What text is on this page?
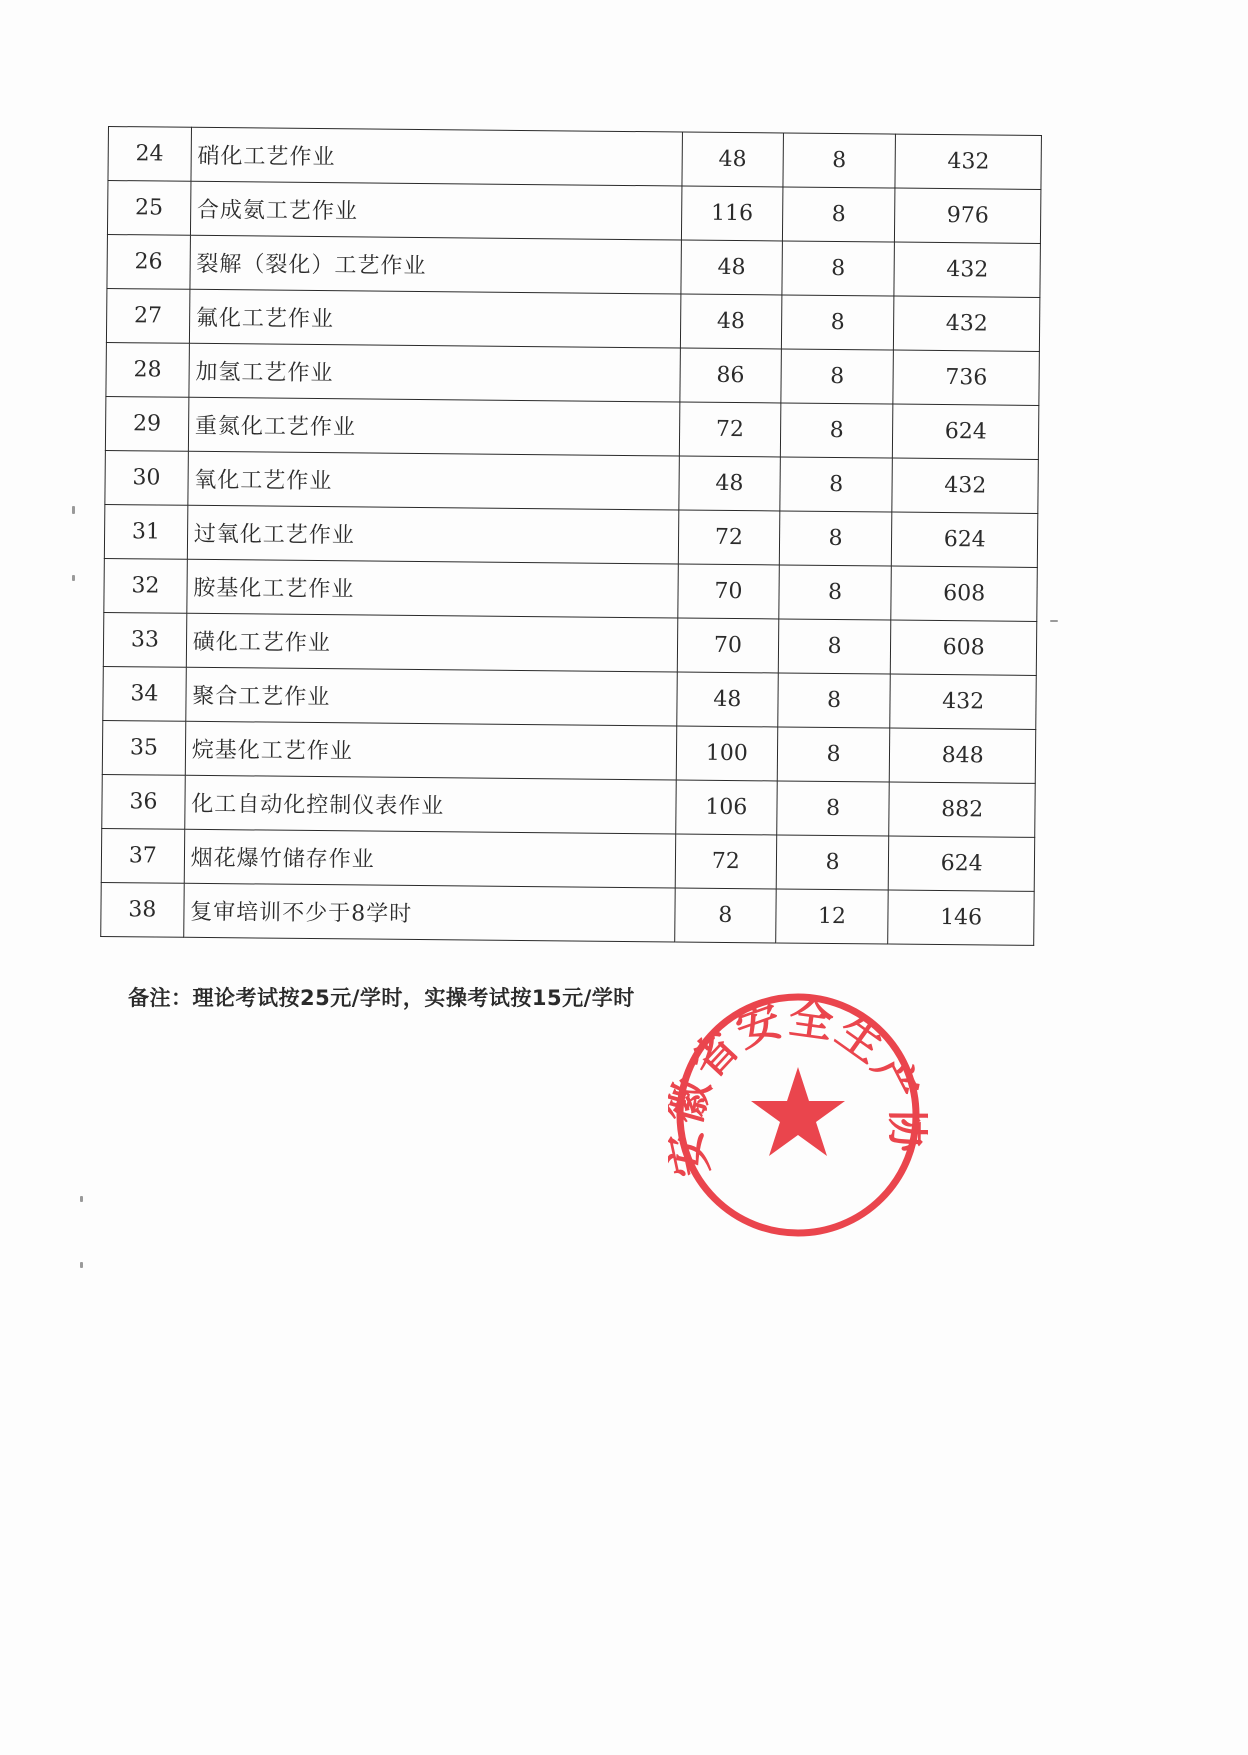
24	硝化工艺作业	48	8	432
25	合成氨工艺作业	116	8	976
26	裂解（裂化）工艺作业	48	8	432
27	氟化工艺作业	48	8	432
28	加氢工艺作业	86	8	736
29	重氮化工艺作业	72	8	624
30	氧化工艺作业	48	8	432
31	过氧化工艺作业	72	8	624
32	胺基化工艺作业	70	8	608
33	磺化工艺作业	70	8	608
34	聚合工艺作业	48	8	432
35	烷基化工艺作业	100	8	848
36	化工自动化控制仪表作业	106	8	882
37	烟花爆竹储存作业	72	8	624
38	复审培训不少于8学时	8	12	146
备注：理论考试按25元/学时，实操考试按15元/学时
省安全生产协
